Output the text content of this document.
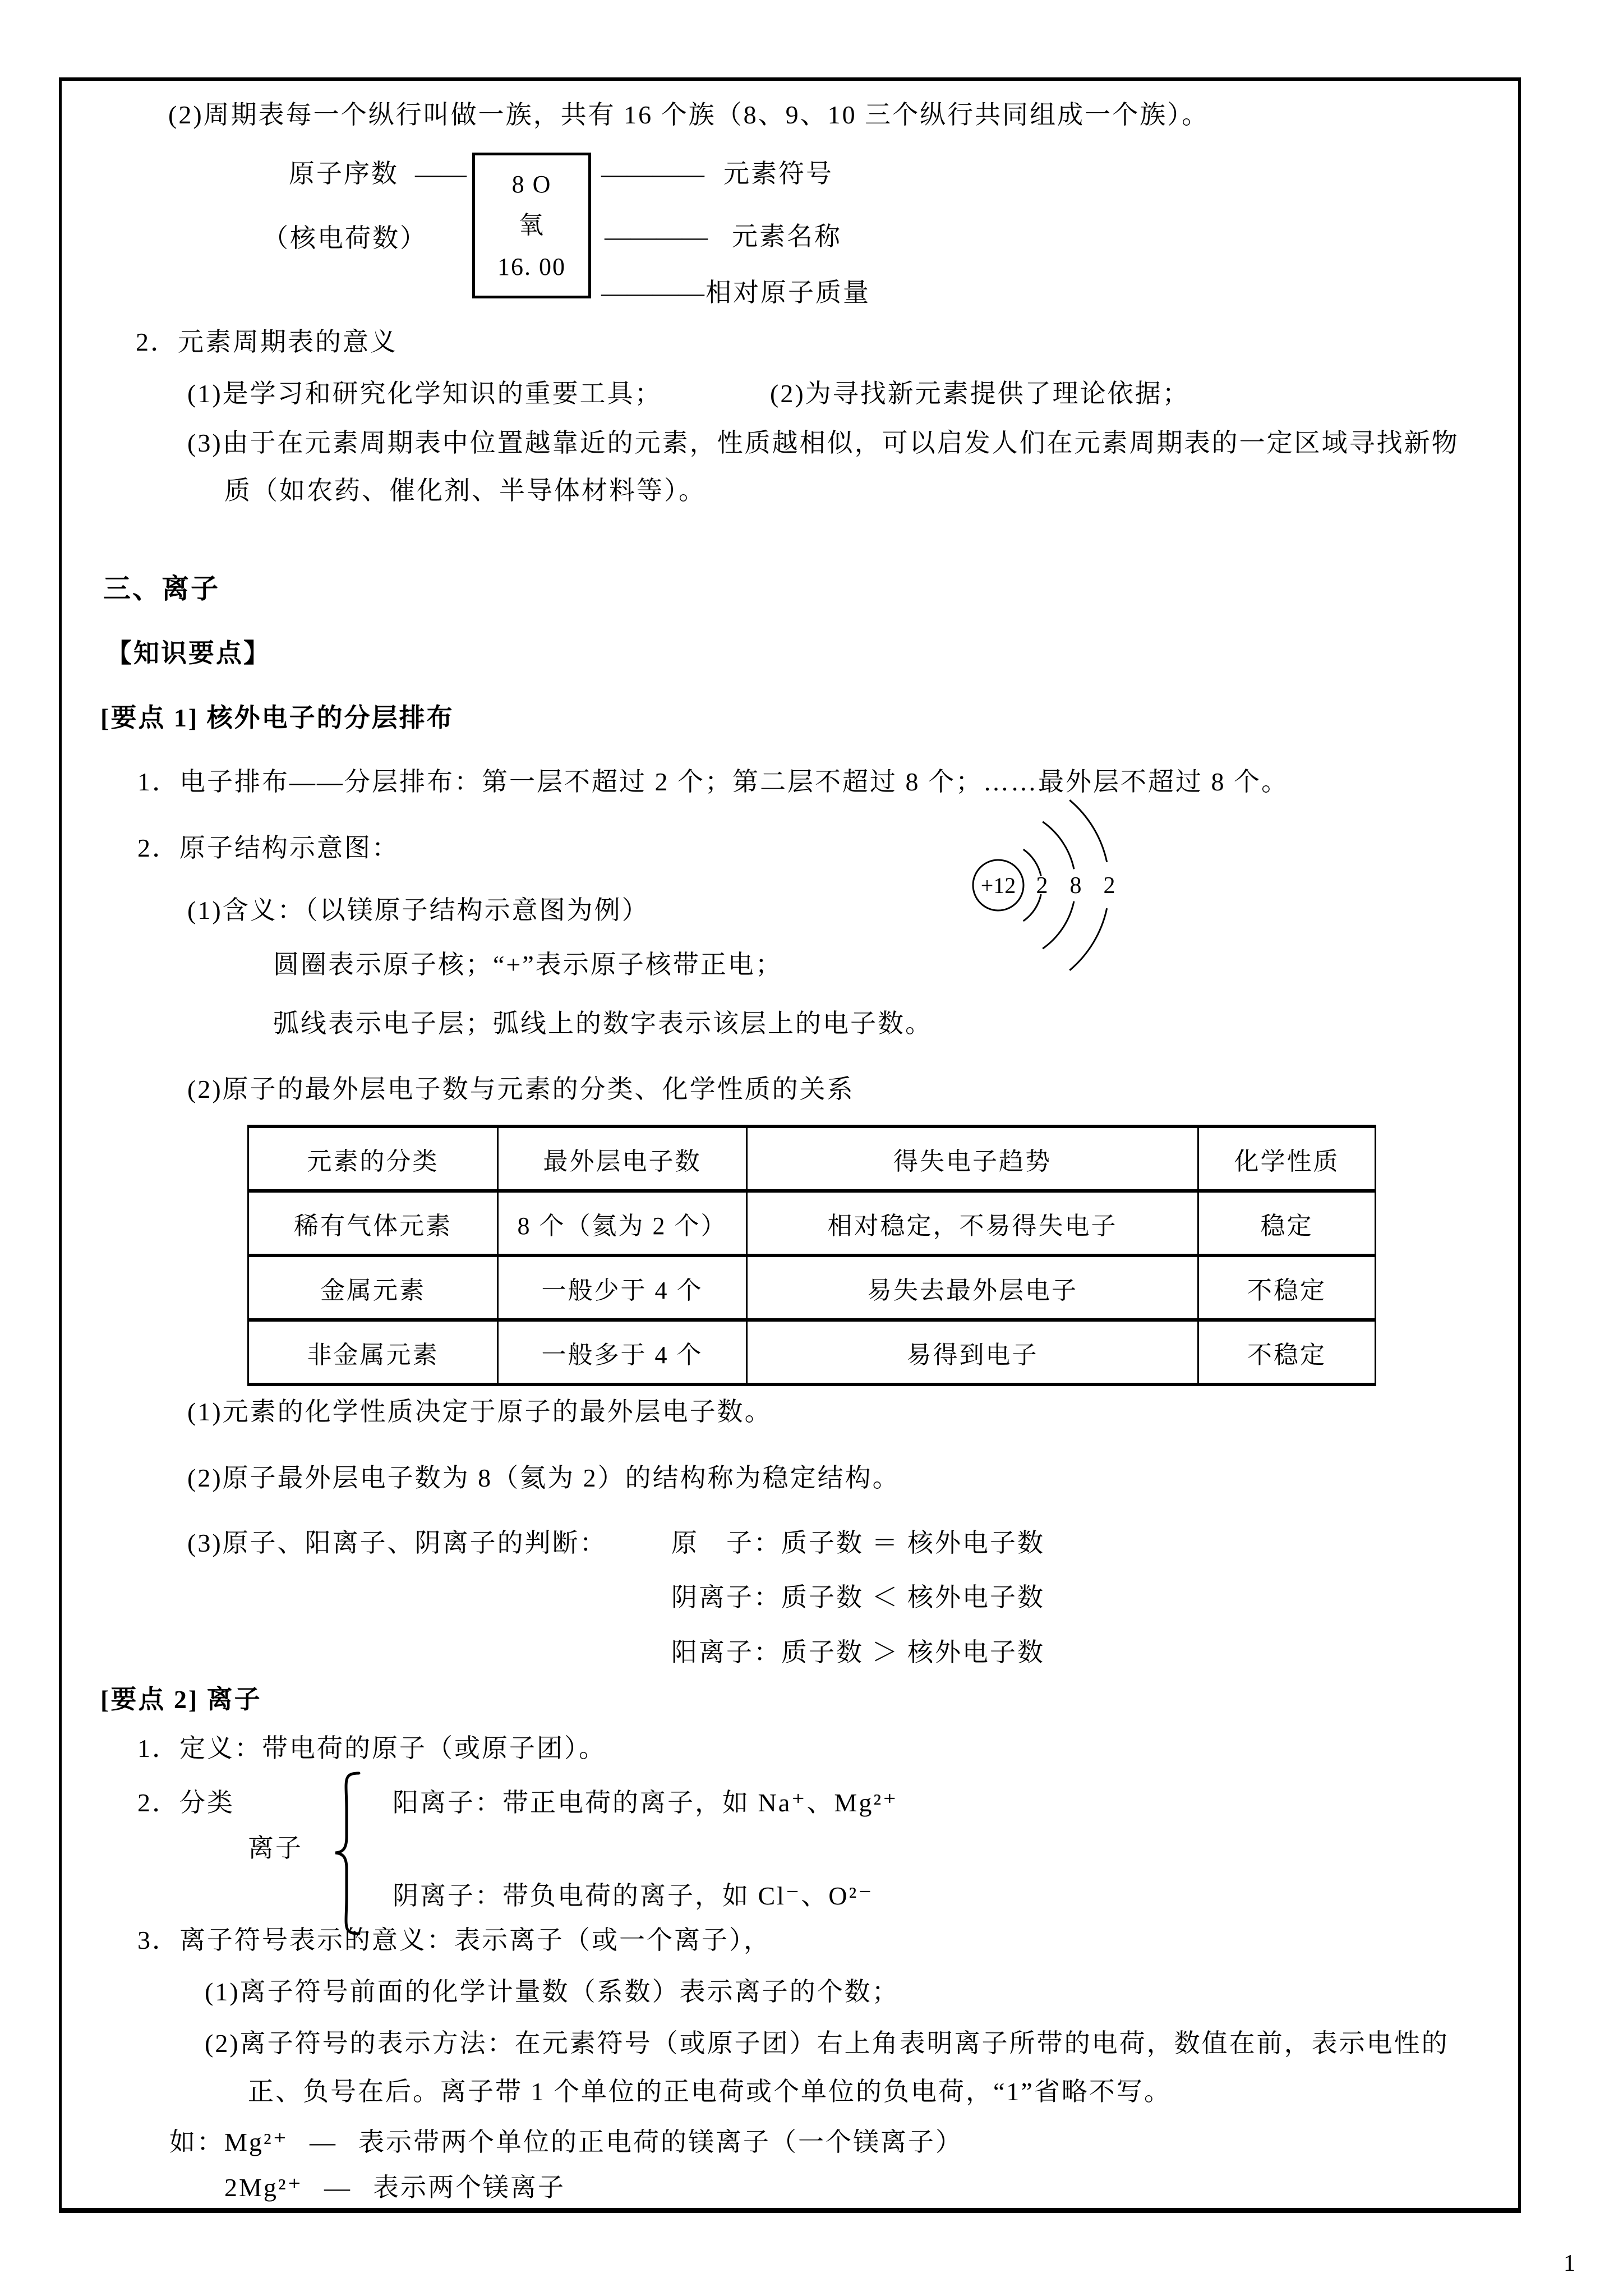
(2)周期表每一个纵行叫做一族，共有 16 个族（8、9、10 三个纵行共同组成一个族）。
原子序数 —— 8 O
氧
16. 00
———— 元素符号
（核电荷数）	———— 元素名称
———— 相对原子质量
2．元素周期表的意义
(1)是学习和研究化学知识的重要工具；	(2)为寻找新元素提供了理论依据；
(3)由于在元素周期表中位置越靠近的元素，性质越相似，可以启发人们在元素周期表的一定区域寻找新物
质（如农药、催化剂、半导体材料等）。
三、离子
【知识要点】
[要点 1] 核外电子的分层排布
1．电子排布——分层排布：第一层不超过 2 个；第二层不超过 8 个；……最外层不超过 8 个。
2．原子结构示意图：
+12 2 8 2
(1)含义：（以镁原子结构示意图为例）
圆圈表示原子核；“+”表示原子核带正电；
弧线表示电子层；弧线上的数字表示该层上的电子数。
(2)原子的最外层电子数与元素的分类、化学性质的关系
元素的分类	最外层电子数	得失电子趋势	化学性质
稀有气体元素	8 个（氦为 2 个）	相对稳定，不易得失电子	稳定
金属元素	一般少于 4 个	易失去最外层电子	不稳定
非金属元素	一般多于 4 个	易得到电子	不稳定
(1)元素的化学性质决定于原子的最外层电子数。
(2)原子最外层电子数为 8（氦为 2）的结构称为稳定结构。
(3)原子、阳离子、阴离子的判断： 原　子：质子数 ＝ 核外电子数
阴离子：质子数 ＜ 核外电子数
阳离子：质子数 ＞ 核外电子数
[要点 2] 离子
1．定义：带电荷的原子（或原子团）。
2．分类
离子
阳离子：带正电荷的离子，如 Na⁺、Mg²⁺
阴离子：带负电荷的离子，如 Cl⁻、O²⁻
3．离子符号表示的意义：表示离子（或一个离子），
(1)离子符号前面的化学计量数（系数）表示离子的个数；
(2)离子符号的表示方法：在元素符号（或原子团）右上角表明离子所带的电荷，数值在前，表示电性的
正、负号在后。离子带 1 个单位的正电荷或个单位的负电荷，“1”省略不写。
如：Mg²⁺ — 表示带两个单位的正电荷的镁离子（一个镁离子）
2Mg²⁺ — 表示两个镁离子
1
